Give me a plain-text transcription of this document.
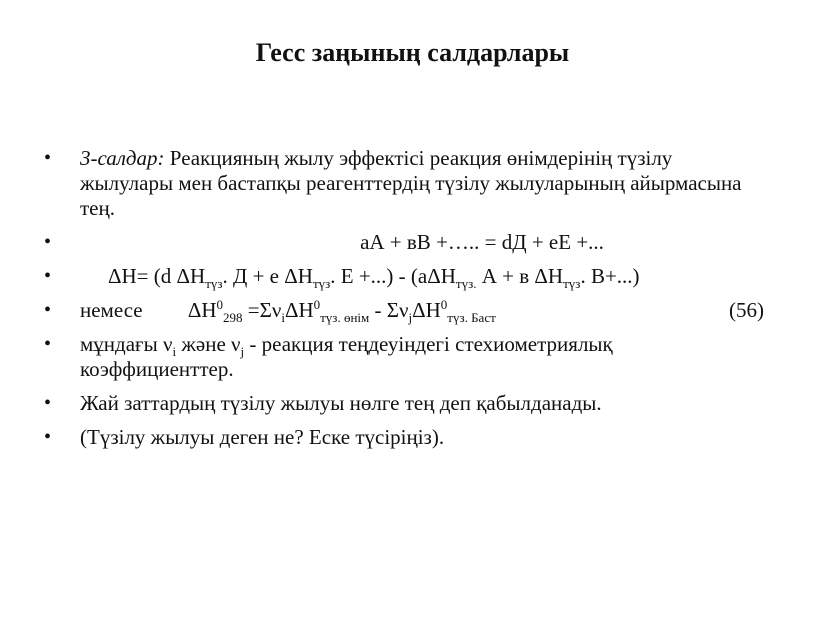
Гесс заңының салдарлары
• 3-салдар: Реакцияның жылу эффектісі реакция өнімдерінің түзілу жылулары мен бастапқы реагенттердің түзілу жылуларының айырмасына тең.
•	аА + вВ +….. = dД + еЕ +...
•	ΔН= (d $\Delta Н_{түз}$. Д + е $\Delta Н_{түз}$. Е +...) - (аΔН$_{түз.}$ А + в $\Delta Н_{түз}$. В+...)
• немесе $\Delta Н^0_{298} =\Sigma\nu_i\Delta Н^0_{түз. өнім} - \Sigma\nu_j\Delta Н^0_{түз. Баст}$	(56)
• мұндағы $\nu_i$ және $\nu_j$ - реакция теңдеуіндегі стехиометриялық коэффициенттер.
• Жай заттардың түзілу жылуы нөлге тең деп қабылданады.
• (Түзілу жылуы деген не? Еске түсіріңіз).
